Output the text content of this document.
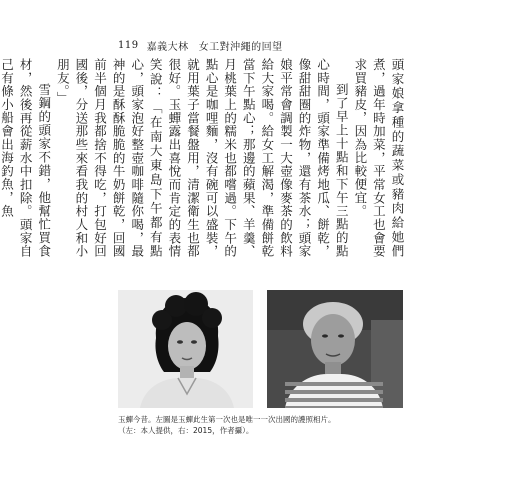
119 嘉義大林 女工對沖繩的回望

頭家娘拿種的蔬菜或豬肉給她們煮，過年時加菜，平常女工也會要求買豬皮，因為比較便宜。

到了早上十點和下午三點的點心時間，頭家準備烤地瓜、餅乾，像甜甜圈的炸物，還有茶水；頭家娘平常會調製一大壺像麥茶的飲料給大家喝。給女工解渴，準備餅乾當下午點心；那邊的蘋果、羊羹、月桃葉上的糯米也都嚐過。下午的點心是咖哩麵，沒有碗可以盛裝，就用葉子當餐盤用，清潔衛生也都很好。玉蟬露出喜悅而肯定的表情笑說：「在南大東島下午都有點心，頭家泡好整壺咖啡隨你喝，最神的是酥酥脆脆的牛奶餅乾，回國前半個月我都捨不得吃，打包好回國後，分送那些來看我的村人和小朋友。」

雪鋼的頭家不錯，他幫忙買食材，然後再從薪水中扣除。頭家自己有條小船會出海釣魚，魚

玉蟬今昔。左圖是玉蟬此生第一次也是唯一一次出國的護照相片。
（左：本人提供，右：2015，作者攝）。
